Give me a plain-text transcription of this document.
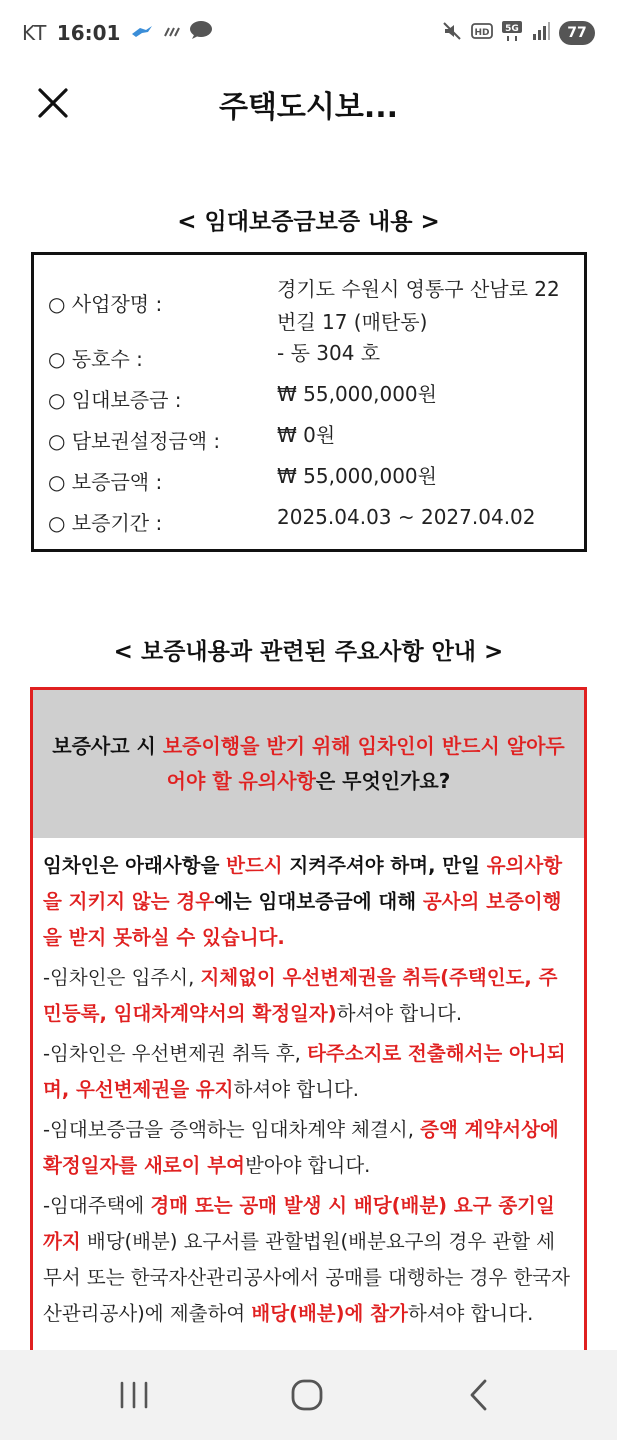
KT 16:01	HD 5G	77
주택도시보...
< 임대보증금보증 내용 >
○ 사업장명 :
경기도 수원시 영통구 산남로 22번길 17 (매탄동)
○ 동호수 :	- 동 304 호
○ 임대보증금 :	₩ 55,000,000원
○ 담보권설정금액 :	₩ 0원
○ 보증금액 :	₩ 55,000,000원
○ 보증기간 :	2025.04.03 ~ 2027.04.02
< 보증내용과 관련된 주요사항 안내 >

보증사고 시 보증이행을 받기 위해 임차인이 반드시 알아두어야 할 유의사항은 무엇인가요?

임차인은 아래사항을 반드시 지켜주셔야 하며, 만일 유의사항을 지키지 않는 경우에는 임대보증금에 대해 공사의 보증이행을 받지 못하실 수 있습니다.

-임차인은 입주시, 지체없이 우선변제권을 취득(주택인도, 주민등록, 임대차계약서의 확정일자)하셔야 합니다.

-임차인은 우선변제권 취득 후, 타주소지로 전출해서는 아니되며, 우선변제권을 유지하셔야 합니다.

-임대보증금을 증액하는 임대차계약 체결시, 증액 계약서상에 확정일자를 새로이 부여받아야 합니다.

-임대주택에 경매 또는 공매 발생 시 배당(배분) 요구 종기일까지 배당(배분) 요구서를 관할법원(배분요구의 경우 관할 세무서 또는 한국자산관리공사에서 공매를 대행하는 경우 한국자산관리공사)에 제출하여 배당(배분)에 참가하셔야 합니다.
